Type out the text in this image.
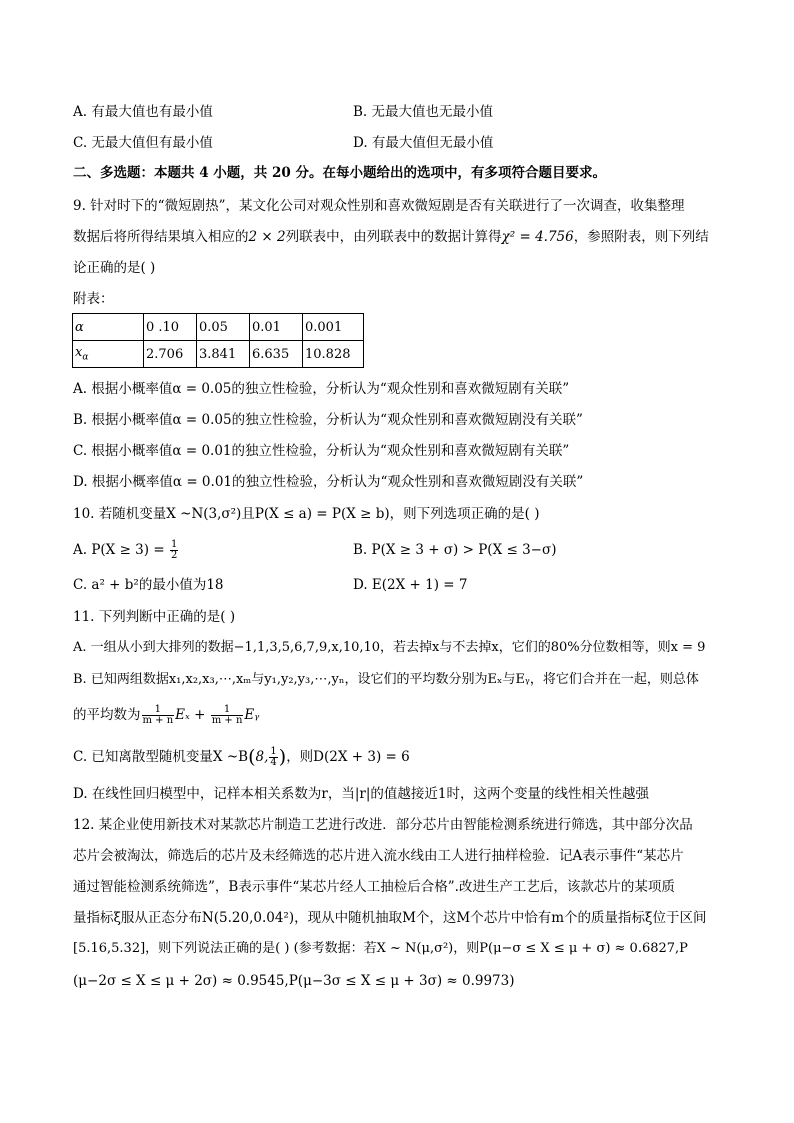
A. 有最大值也有最小值	B. 无最大值也无最小值
C. 无最大值但有最小值	D. 有最大值但无最小值
二、多选题：本题共 4 小题，共 20 分。在每小题给出的选项中，有多项符合题目要求。
9. 针对时下的“微短剧热”，某文化公司对观众性别和喜欢微短剧是否有关联进行了一次调查，收集整理
数据后将所得结果填入相应的2 × 2列联表中，由列联表中的数据计算得χ² = 4.756，参照附表，则下列结
论正确的是( )
附表：
α	0 .10	0.05	0.01	0.001
$x_\alpha$	2.706	3.841	6.635	10.828
A. 根据小概率值α = 0.05的独立性检验，分析认为“观众性别和喜欢微短剧有关联”
B. 根据小概率值α = 0.05的独立性检验，分析认为“观众性别和喜欢微短剧没有关联”
C. 根据小概率值α = 0.01的独立性检验，分析认为“观众性别和喜欢微短剧有关联”
D. 根据小概率值α = 0.01的独立性检验，分析认为“观众性别和喜欢微短剧没有关联”
10. 若随机变量X ~N(3,σ²)且P(X ≤ a) = P(X ≥ b)，则下列选项正确的是( )
A. $P(X \ge 3) = \frac{1}{2}$	B. P(X ≥ 3 + σ) > P(X ≤ 3−σ)
C. a² + b²的最小值为18	D. E(2X + 1) = 7
11. 下列判断中正确的是( )
A. 一组从小到大排列的数据−1,1,3,5,6,7,9,x,10,10，若去掉x与不去掉x，它们的80%分位数相等，则x = 9
B. 已知两组数据x₁,x₂,x₃,⋯,xₘ与y₁,y₂,y₃,⋯,yₙ，设它们的平均数分别为Eₓ与Eᵧ，将它们合并在一起，则总体
的平均数为 $\frac{1}{m + n}$ $E_x + \frac{1}{m + n}$ Eᵧ
C. 已知离散型随机变量X ~B(8, $\frac{1}{4}$ )，则D(2X + 3) = 6
D. 在线性回归模型中，记样本相关系数为r，当|r|的值越接近1时，这两个变量的线性相关性越强
12. 某企业使用新技术对某款芯片制造工艺进行改进．部分芯片由智能检测系统进行筛选，其中部分次品
芯片会被淘汰，筛选后的芯片及未经筛选的芯片进入流水线由工人进行抽样检验．记A表示事件“某芯片
通过智能检测系统筛选”，B表示事件“某芯片经人工抽检后合格”.改进生产工艺后，该款芯片的某项质
量指标ξ服从正态分布N(5.20,0.04²)，现从中随机抽取M个，这M个芯片中恰有m个的质量指标ξ位于区间
[5.16,5.32]，则下列说法正确的是( ) (参考数据：若X ~ N(μ,σ²)，则P(μ−σ ≤ X ≤ μ + σ) ≈ 0.6827,P
(μ−2σ ≤ X ≤ μ + 2σ) ≈ 0.9545,P(μ−3σ ≤ X ≤ μ + 3σ) ≈ 0.9973)
